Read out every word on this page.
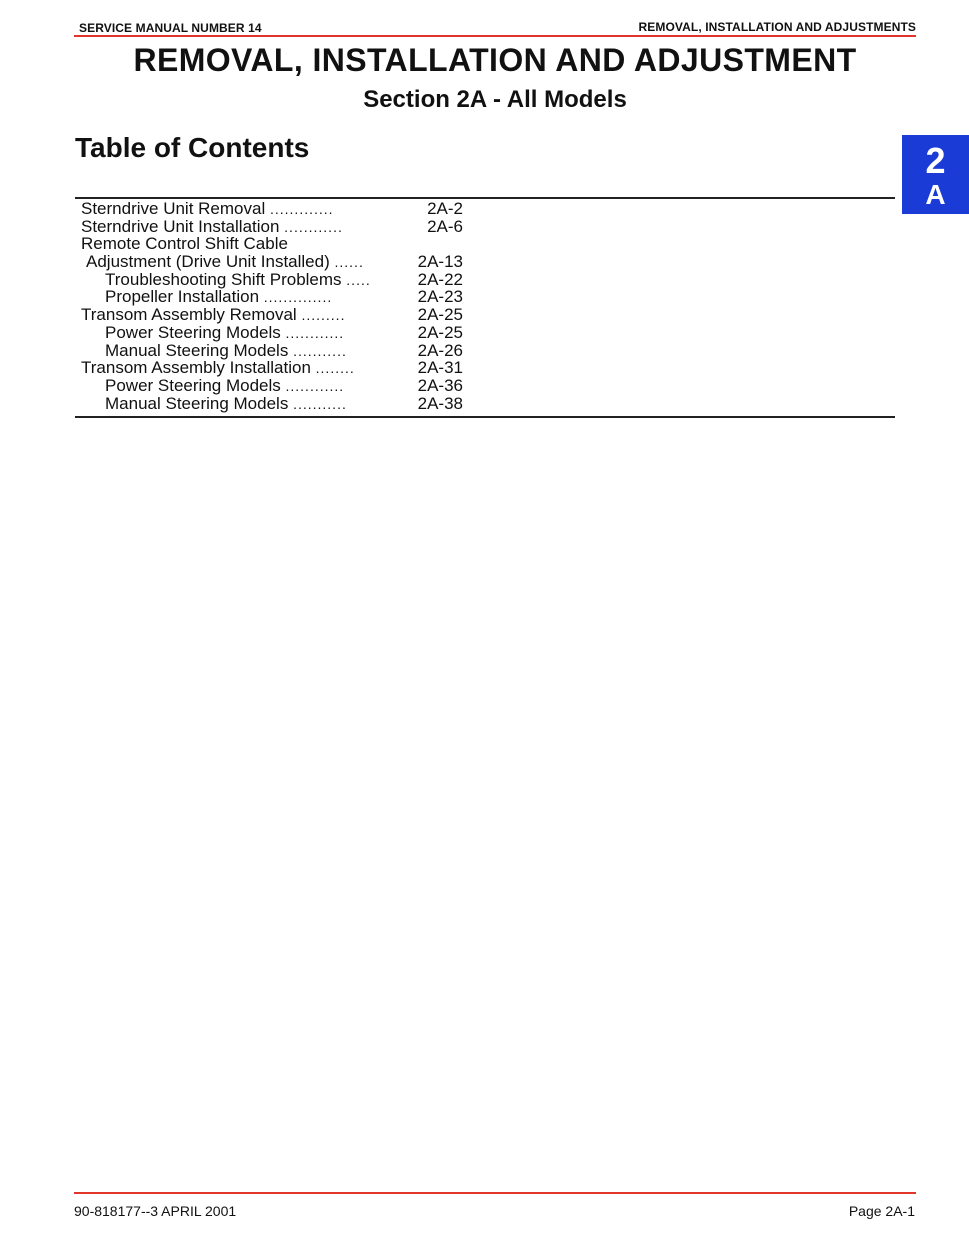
SERVICE MANUAL NUMBER 14	REMOVAL, INSTALLATION AND ADJUSTMENTS
REMOVAL, INSTALLATION AND ADJUSTMENT
Section 2A - All Models
Table of Contents	2
A
Sterndrive Unit Removal .............	2A-2
Sterndrive Unit Installation ............	2A-6
Remote Control Shift Cable
Adjustment (Drive Unit Installed) ......	2A-13
Troubleshooting Shift Problems .....	2A-22
Propeller Installation ..............	2A-23
Transom Assembly Removal .........	2A-25
Power Steering Models ............	2A-25
Manual Steering Models ...........	2A-26
Transom Assembly Installation ........	2A-31
Power Steering Models ............	2A-36
Manual Steering Models ...........	2A-38
90-818177--3 APRIL 2001	Page 2A-1
